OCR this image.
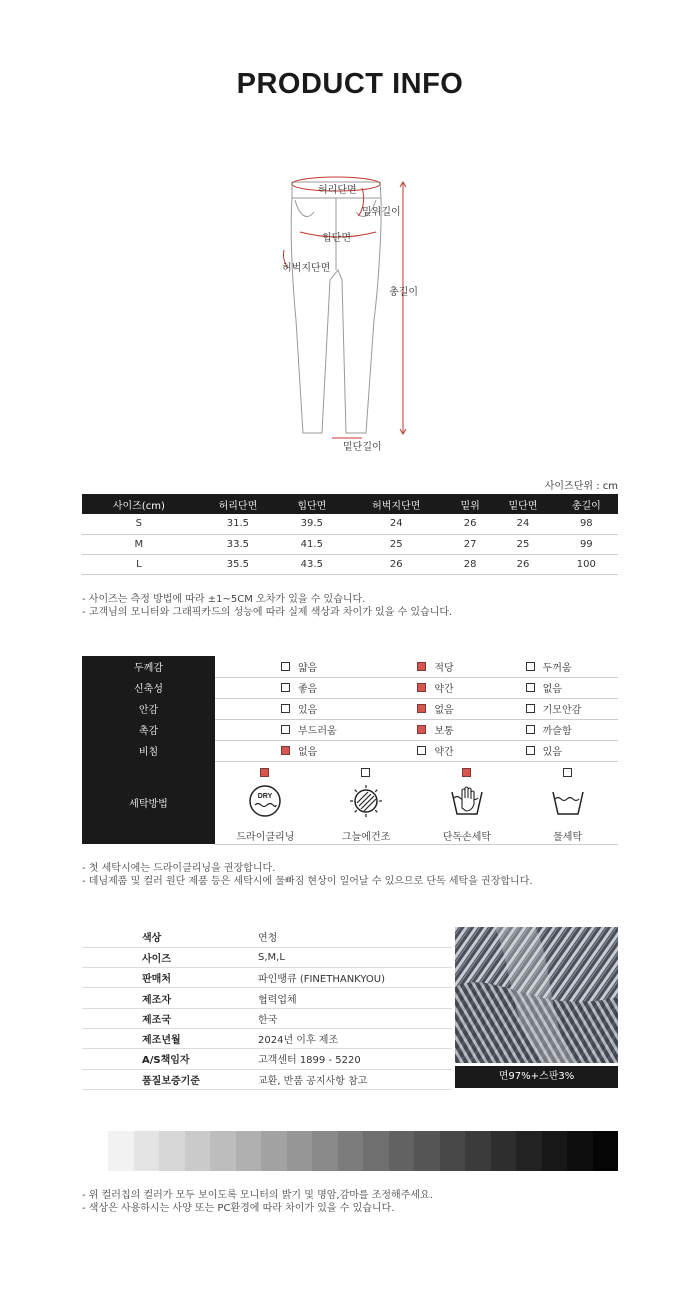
PRODUCT INFO
허리단면
밑위길이
힙단면
허벅지단면
총길이
밑단길이
사이즈단위 : cm
사이즈(cm)	허리단면	힙단면	허벅지단면	밑위	밑단면	총길이
S	31.5	39.5	24	26	24	98
M	33.5	41.5	25	27	25	99
L	35.5	43.5	26	28	26	100
- 사이즈는 측정 방법에 따라 ±1~5CM 오차가 있을 수 있습니다.
- 고객님의 모니터와 그래픽카드의 성능에 따라 실제 색상과 차이가 있을 수 있습니다.
두께감	얇음 적당 두꺼움

신축성	좋음 약간 없음

안감	있음 없음 기모안감

촉감	부드러움 보통 까슬함

비침	없음 약간 있음

세탁방법	DRY
드라이클리닝 그늘에건조 단독손세탁 물세탁
- 첫 세탁시에는 드라이클리닝을 권장합니다.
- 데님제품 및 컬러 원단 제품 등은 세탁시에 물빠짐 현상이 일어날 수 있으므로 단독 세탁을 권장합니다.
색상	연청
사이즈	S,M,L
판매처	파인땡큐 (FINETHANKYOU)
제조자	협력업체
제조국	한국
제조년월	2024년 이후 제조
A/S책임자	고객센터 1899 - 5220
품질보증기준	교환, 반품 공지사항 참고	면97%+스판3%
- 위 컬러칩의 컬러가 모두 보이도록 모니터의 밝기 및 명암,감마를 조정해주세요.
- 색상은 사용하시는 사양 또는 PC환경에 따라 차이가 있을 수 있습니다.
